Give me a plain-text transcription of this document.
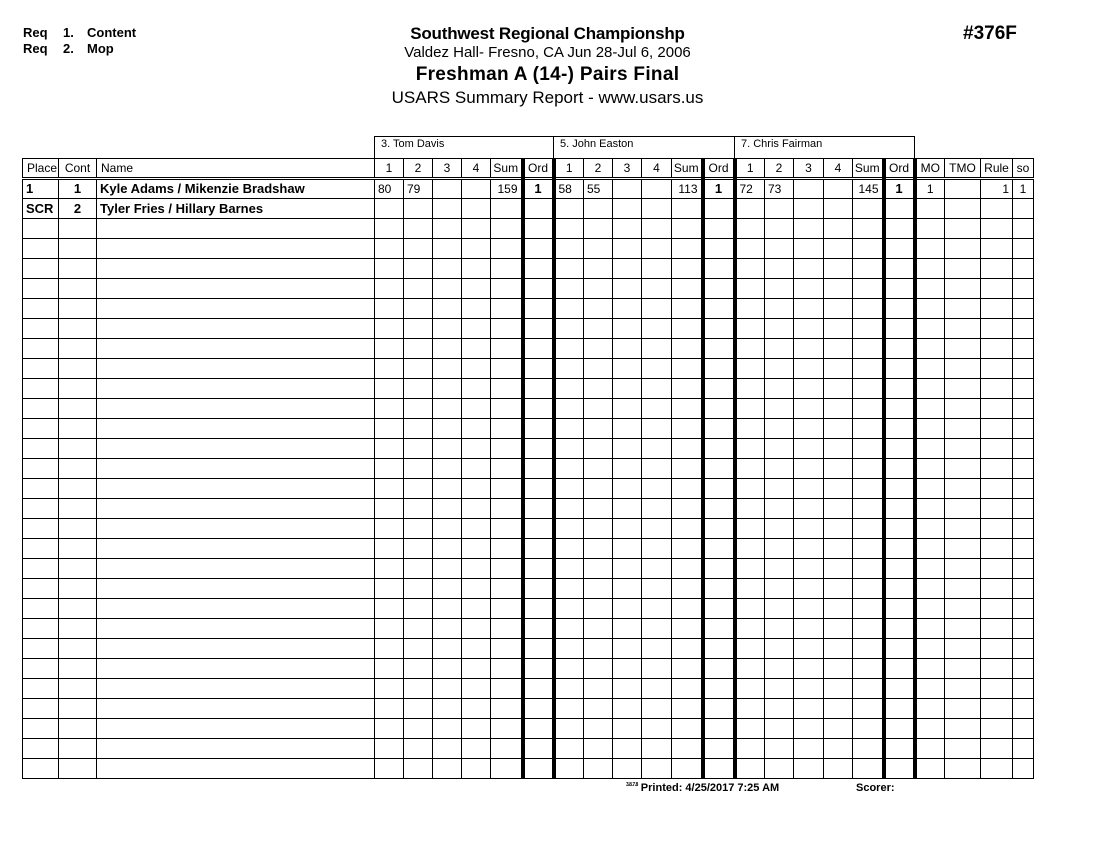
Req 1. Content
Req 2. Mop
Southwest Regional Championshp
Valdez Hall- Fresno, CA Jun 28-Jul 6, 2006
Freshman A (14-) Pairs Final
USARS Summary Report - www.usars.us
#376F
3. Tom Davis	5. John Easton	7. Chris Fairman
Place	Cont	Name	1	2	3	4	Sum	Ord	1	2	3	4	Sum	Ord	1	2	3	4	Sum	Ord	MO	TMO	Rule	so
1	1	Kyle Adams / Mikenzie Bradshaw	80	79			159	1	58	55			113	1	72	73			145	1	1		1	1
SCR	2	Tyler Fries / Hillary Barnes																						

$^{3.8.7.8}$ Printed: 4/25/2017 7:25 AM	Scorer:
